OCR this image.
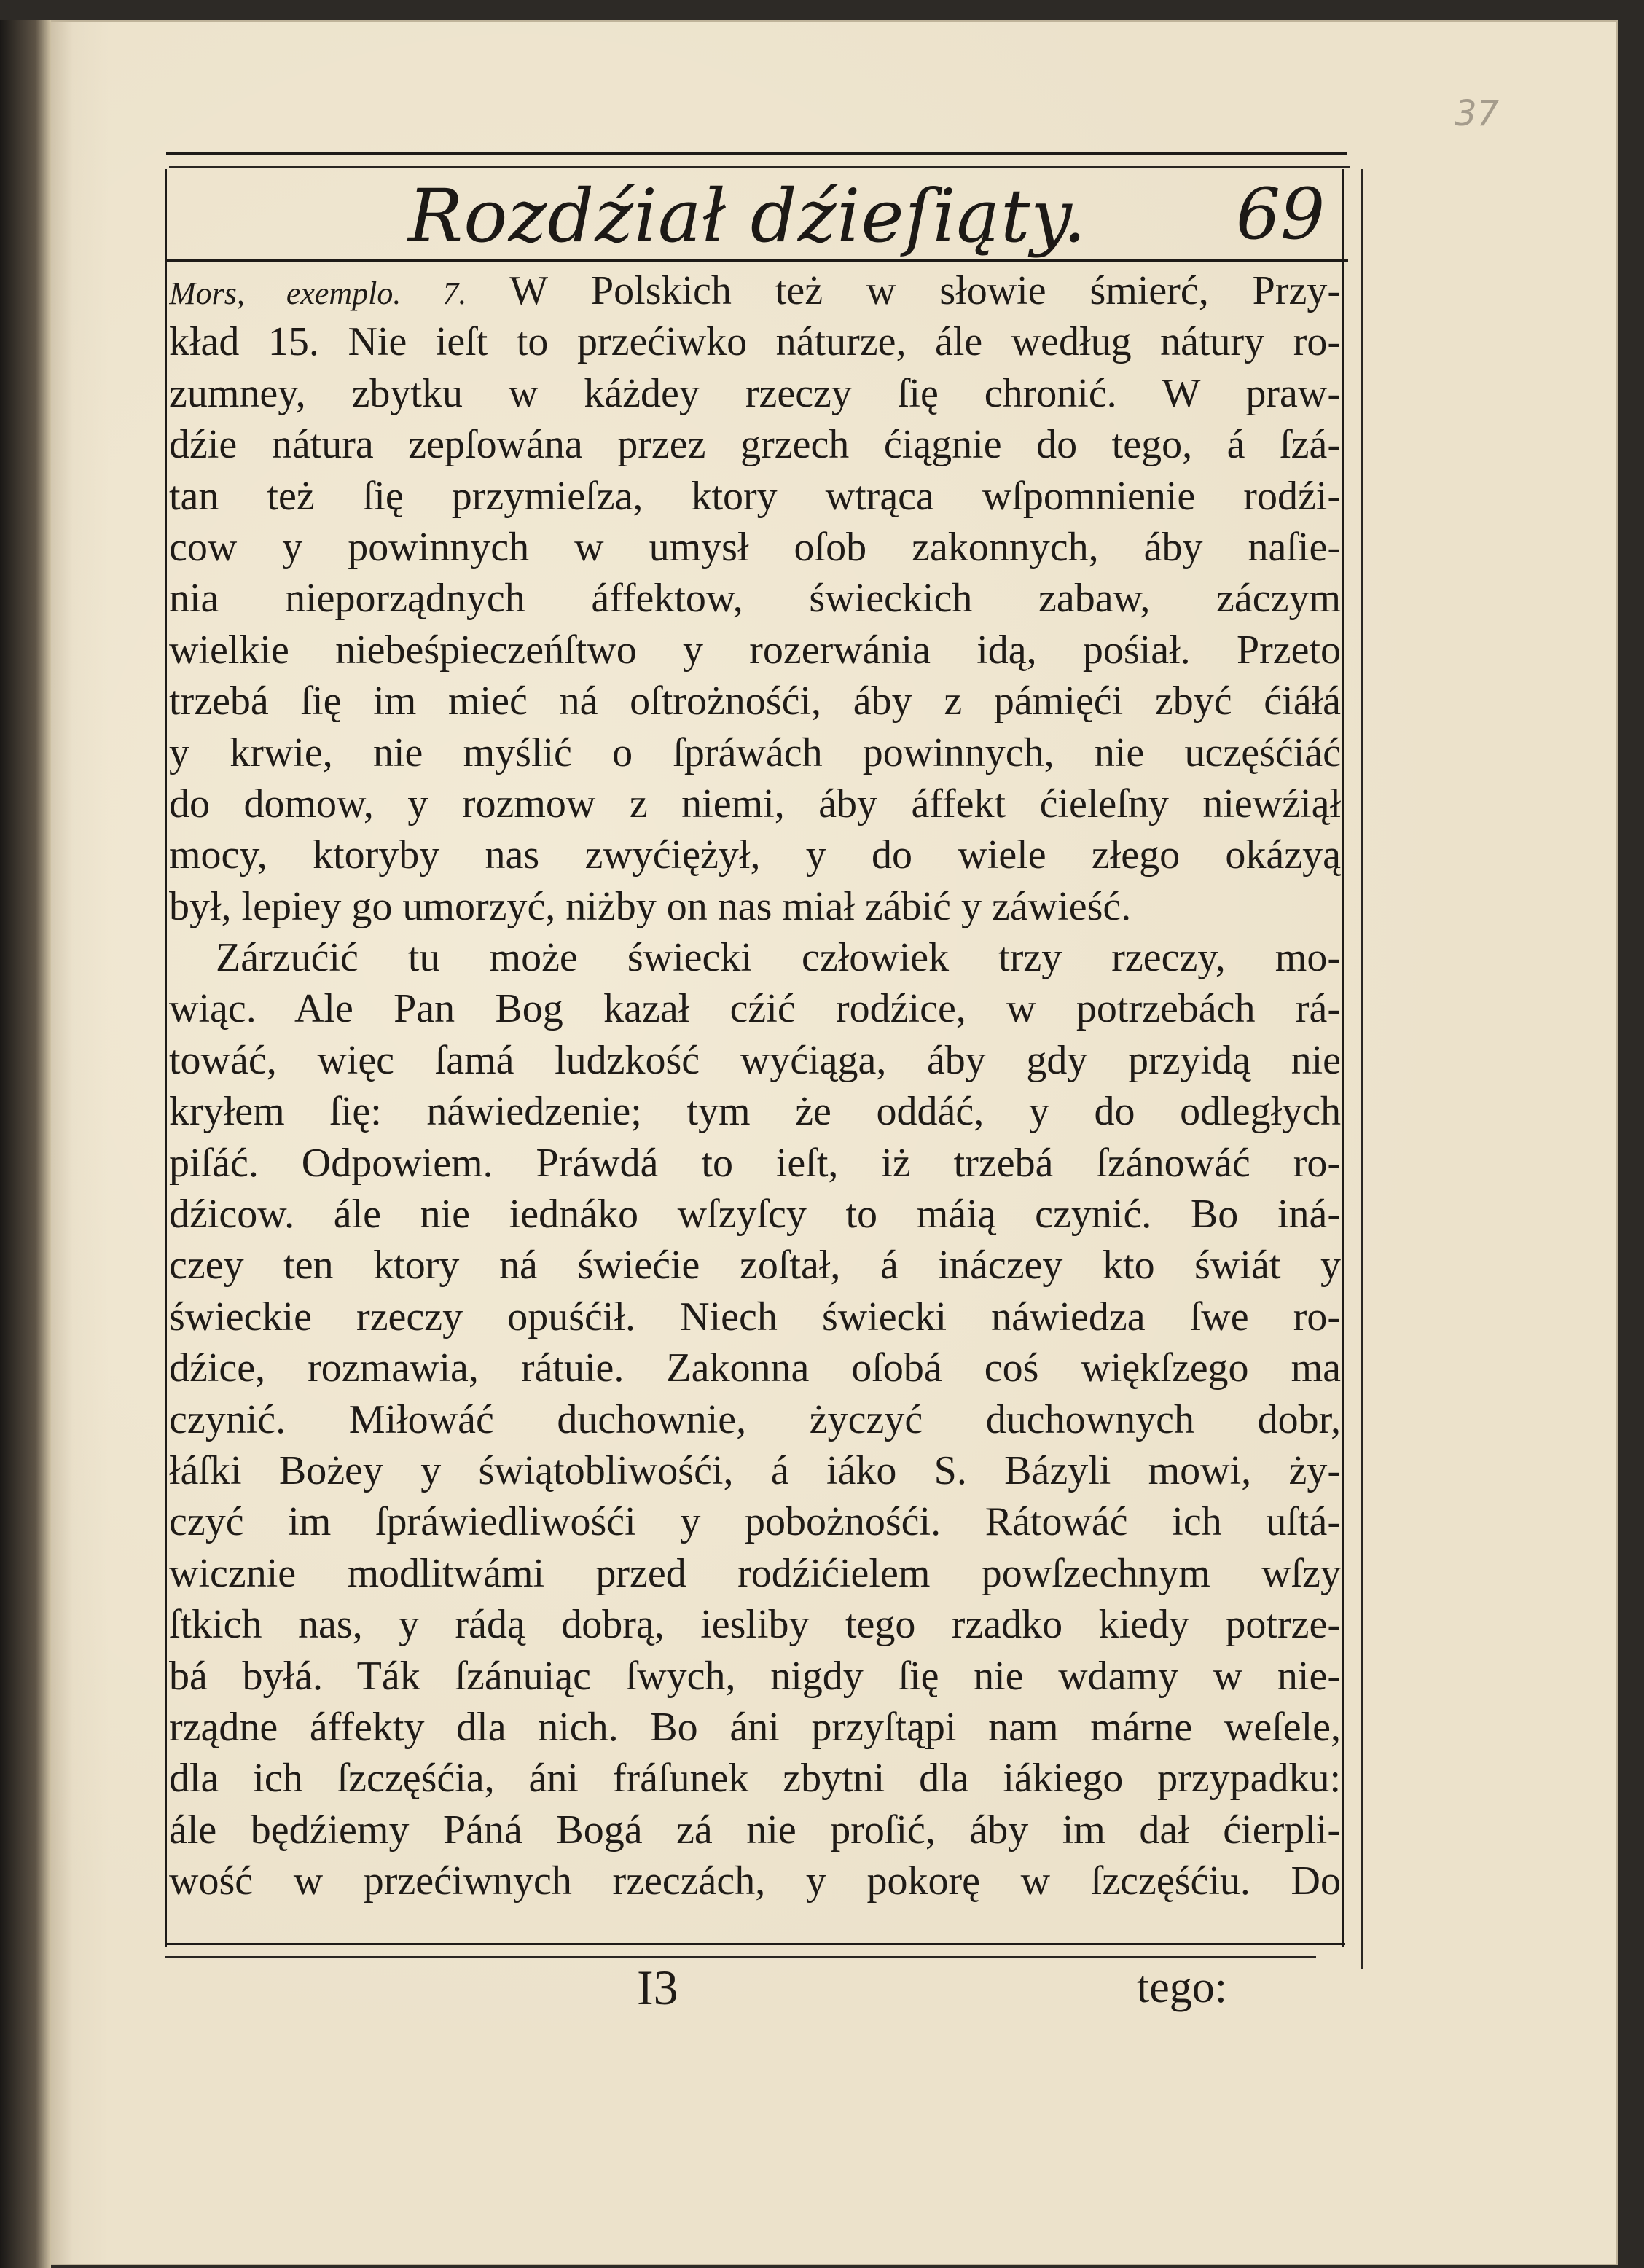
37
Rozdźiał dźieſiąty. 69
Mors, exemplo. 7. W Polskich też w słowie śmierć, Przy-
kład 15. Nie ieſt to przećiwko náturze, ále według nátury ro-
zumney, zbytku w káżdey rzeczy ſię chronić. W praw-
dźie nátura zepſowána przez grzech ćiągnie do tego, á ſzá-
tan też ſię przymieſza, ktory wtrąca wſpomnienie rodźi-
cow y powinnych w umysł oſob zakonnych, áby naſie-
nia nieporządnych áffektow, świeckich zabaw, záczym
wielkie niebeśpieczeńſtwo y rozerwánia idą, pośiał. Przeto
trzebá ſię im mieć ná oſtrożnośći, áby z pámięći zbyć ćiáłá
y krwie, nie myślić o ſpráwách powinnych, nie uczęśćiáć
do domow, y rozmow z niemi, áby áffekt ćieleſny niewźiął
mocy, ktoryby nas zwyćiężył, y do wiele złego okázyą
był, lepiey go umorzyć, niżby on nas miał zábić y záwieść.
Zárzućić tu może świecki człowiek trzy rzeczy, mo-
wiąc. Ale Pan Bog kazał cźić rodźice, w potrzebách rá-
towáć, więc ſamá ludzkość wyćiąga, áby gdy przyidą nie
kryłem ſię: náwiedzenie; tym że oddáć, y do odległych
piſáć. Odpowiem. Práwdá to ieſt, iż trzebá ſzánowáć ro-
dźicow. ále nie iednáko wſzyſcy to máią czynić. Bo iná-
czey ten ktory ná świećie zoſtał, á ináczey kto świát y
świeckie rzeczy opuśćił. Niech świecki náwiedza ſwe ro-
dźice, rozmawia, rátuie. Zakonna oſobá coś więkſzego ma
czynić. Miłowáć duchownie, życzyć duchownych dobr,
łáſki Bożey y świątobliwośći, á iáko S. Bázyli mowi, ży-
czyć im ſpráwiedliwośći y pobożnośći. Rátowáć ich uſtá-
wicznie modlitwámi przed rodźićielem powſzechnym wſzy
ſtkich nas, y rádą dobrą, iesliby tego rzadko kiedy potrze-
bá byłá. Ták ſzánuiąc ſwych, nigdy ſię nie wdamy w nie-
rządne áffekty dla nich. Bo áni przyſtąpi nam márne weſele,
dla ich ſzczęśćia, áni fráſunek zbytni dla iákiego przypadku:
ále będźiemy Páná Bogá zá nie proſić, áby im dał ćierpli-
wość w przećiwnych rzeczách, y pokorę w ſzczęśćiu. Do
I3	tego:
